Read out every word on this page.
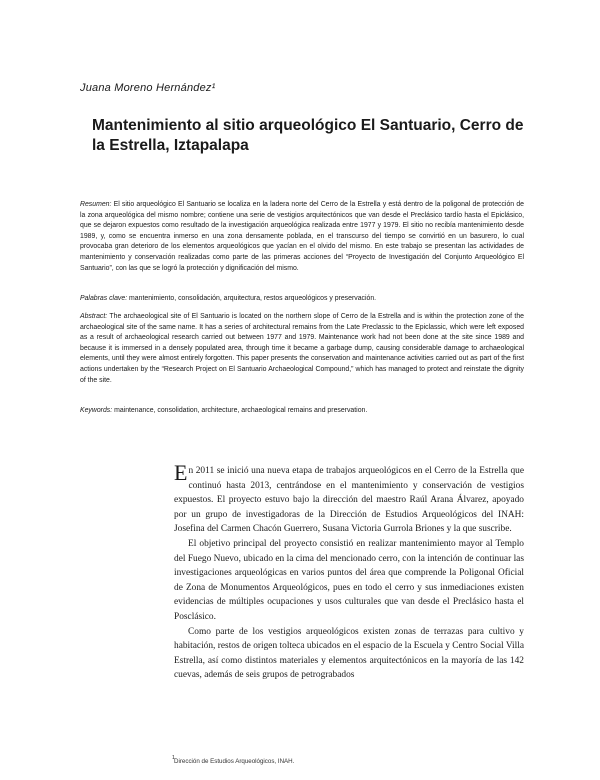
Juana Moreno Hernández¹
Mantenimiento al sitio arqueológico El Santuario, Cerro de la Estrella, Iztapalapa

Resumen: El sitio arqueológico El Santuario se localiza en la ladera norte del Cerro de la Estrella y está dentro de la poligonal de protección de la zona arqueológica del mismo nombre; contiene una serie de vestigios arquitectónicos que van desde el Preclásico tardío hasta el Epiclásico, que se dejaron expuestos como resultado de la investigación arqueológica realizada entre 1977 y 1979. El sitio no recibía mantenimiento desde 1989, y, como se encuentra inmerso en una zona densamente poblada, en el transcurso del tiempo se convirtió en un basurero, lo cual provocaba gran deterioro de los elementos arqueológicos que yacían en el olvido del mismo. En este trabajo se presentan las actividades de mantenimiento y conservación realizadas como parte de las primeras acciones del “Proyecto de Investigación del Conjunto Arqueológico El Santuario”, con las que se logró la protección y dignificación del mismo.

Palabras clave: mantenimiento, consolidación, arquitectura, restos arqueológicos y preservación.

Abstract: The archaeological site of El Santuario is located on the northern slope of Cerro de la Estrella and is within the protection zone of the archaeological site of the same name. It has a series of architectural remains from the Late Preclassic to the Epiclassic, which were left exposed as a result of archaeological research carried out between 1977 and 1979. Maintenance work had not been done at the site since 1989 and because it is immersed in a densely populated area, through time it became a garbage dump, causing considerable damage to archaeological elements, until they were almost entirely forgotten. This paper presents the conservation and maintenance activities carried out as part of the first actions undertaken by the “Research Project on El Santuario Archaeological Compound,” which has managed to protect and reinstate the dignity of the site.

Keywords: maintenance, consolidation, architecture, archaeological remains and preservation.

En 2011 se inició una nueva etapa de trabajos arqueológicos en el Cerro de la Estrella que continuó hasta 2013, centrándose en el mantenimiento y conservación de vestigios expuestos. El proyecto estuvo bajo la dirección del maestro Raúl Arana Álvarez, apoyado por un grupo de investigadoras de la Dirección de Estudios Arqueológicos del INAH: Josefina del Carmen Chacón Guerrero, Susana Victoria Gurrola Briones y la que suscribe.

El objetivo principal del proyecto consistió en realizar mantenimiento mayor al Templo del Fuego Nuevo, ubicado en la cima del mencionado cerro, con la intención de continuar las investigaciones arqueológicas en varios puntos del área que comprende la Poligonal Oficial de Zona de Monumentos Arqueológicos, pues en todo el cerro y sus inmediaciones existen evidencias de múltiples ocupaciones y usos culturales que van desde el Preclásico hasta el Posclásico.

Como parte de los vestigios arqueológicos existen zonas de terrazas para cultivo y habitación, restos de origen tolteca ubicados en el espacio de la Escuela y Centro Social Villa Estrella, así como distintos materiales y elementos arquitectónicos en la mayoría de las 142 cuevas, además de seis grupos de petrograbados

1 Dirección de Estudios Arqueológicos, INAH.
